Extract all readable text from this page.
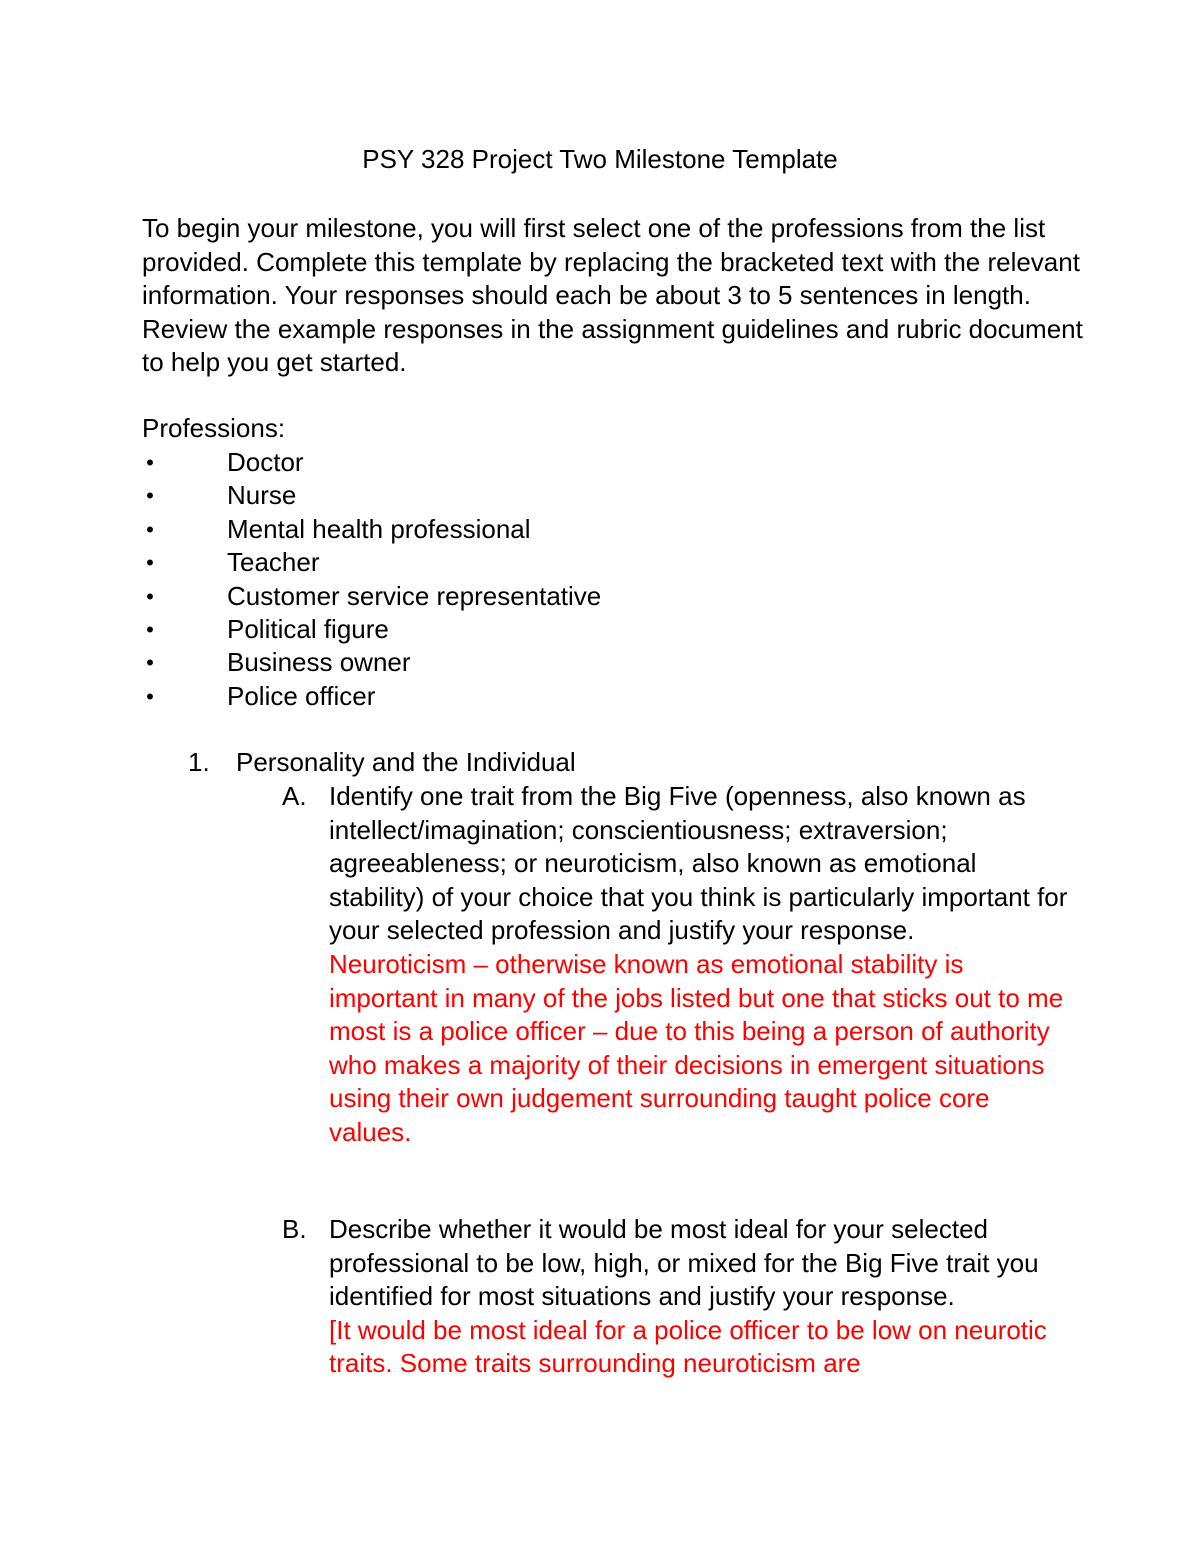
PSY 328 Project Two Milestone Template

To begin your milestone, you will first select one of the professions from the list provided. Complete this template by replacing the bracketed text with the relevant information. Your responses should each be about 3 to 5 sentences in length. Review the example responses in the assignment guidelines and rubric document to help you get started.

Professions:

•	Doctor
•	Nurse
•	Mental health professional
•	Teacher
•	Customer service representative
•	Political figure
•	Business owner
•	Police officer
1. Personality and the Individual
A. Identify one trait from the Big Five (openness, also known as intellect/imagination; conscientiousness; extraversion; agreeableness; or neuroticism, also known as emotional stability) of your choice that you think is particularly important for your selected profession and justify your response.

Neuroticism – otherwise known as emotional stability is important in many of the jobs listed but one that sticks out to me most is a police officer – due to this being a person of authority who makes a majority of their decisions in emergent situations using their own judgement surrounding taught police core values.

B. Describe whether it would be most ideal for your selected professional to be low, high, or mixed for the Big Five trait you identified for most situations and justify your response.

[It would be most ideal for a police officer to be low on neurotic traits. Some traits surrounding neuroticism are
